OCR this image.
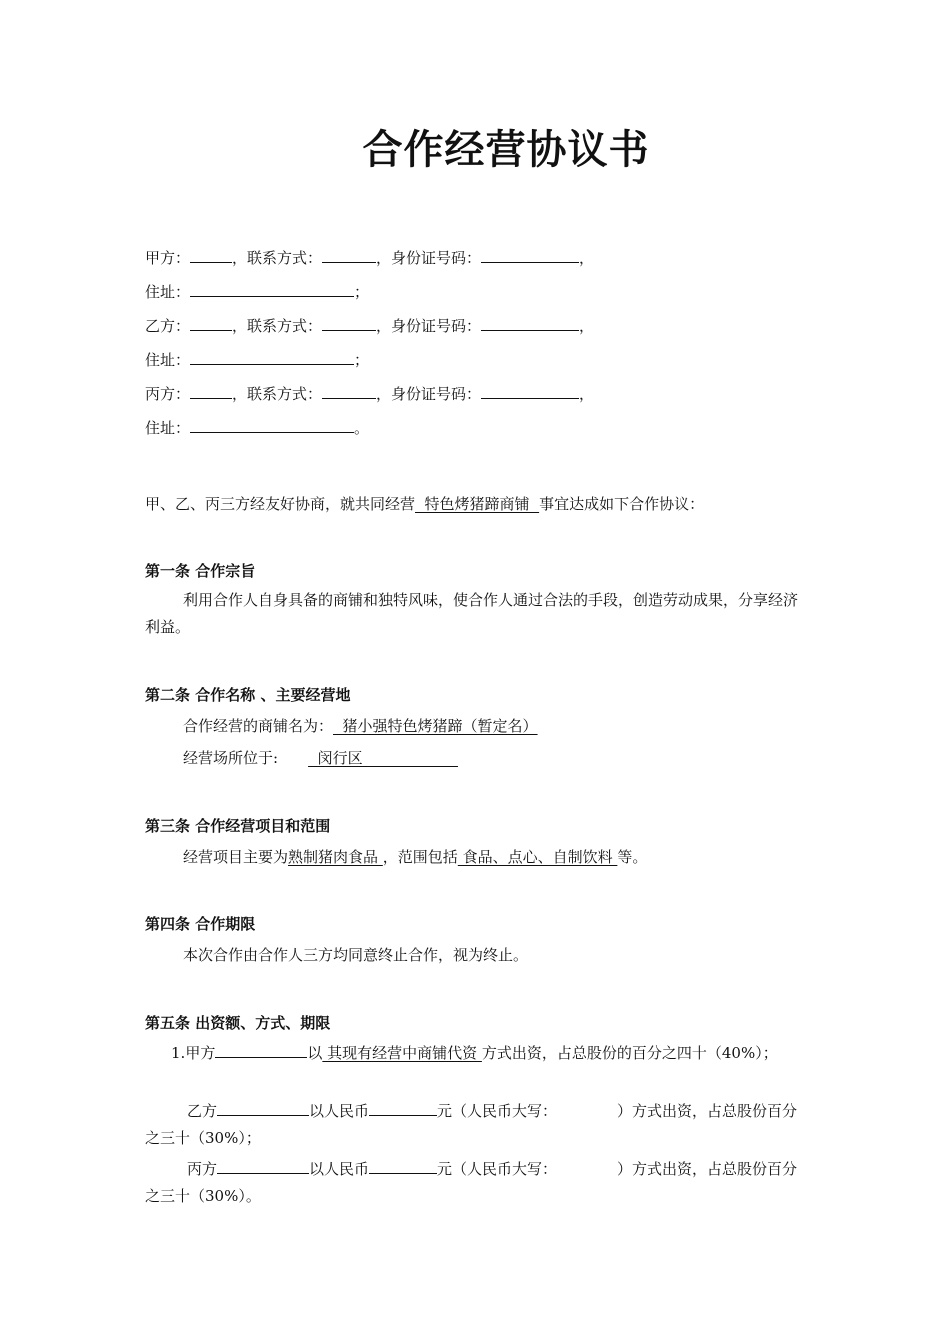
合作经营协议书
甲方：	，联系方式：	，身份证号码：	，
住址：	；
乙方：	，联系方式：	，身份证号码：	，
住址：	；
丙方：	，联系方式：	，身份证号码：	，
住址：	。
甲、乙、丙三方经友好协商，就共同经营  特色烤猪蹄商铺  事宜达成如下合作协议：
第一条 合作宗旨
利用合作人自身具备的商铺和独特风味，使合作人通过合法的手段，创造劳动成果，分享经济利益。
第二条 合作名称 、主要经营地
合作经营的商铺名为：  猪小强特色烤猪蹄（暂定名）
经营场所位于:  闵行区
第三条 合作经营项目和范围
经营项目主要为熟制猪肉食品 ，范围包括 食品、点心、自制饮料 等。
第四条 合作期限
本次合作由合作人三方均同意终止合作，视为终止。
第五条 出资额、方式、期限
1.甲方	以 其现有经营中商铺代资 方式出资，占总股份的百分之四十（40%）；
乙方	以人民币	元（人民币大写：	）方式出资，占总股份百分之三十（30%）；
丙方	以人民币	元（人民币大写：	）方式出资，占总股份百分之三十（30%）。
